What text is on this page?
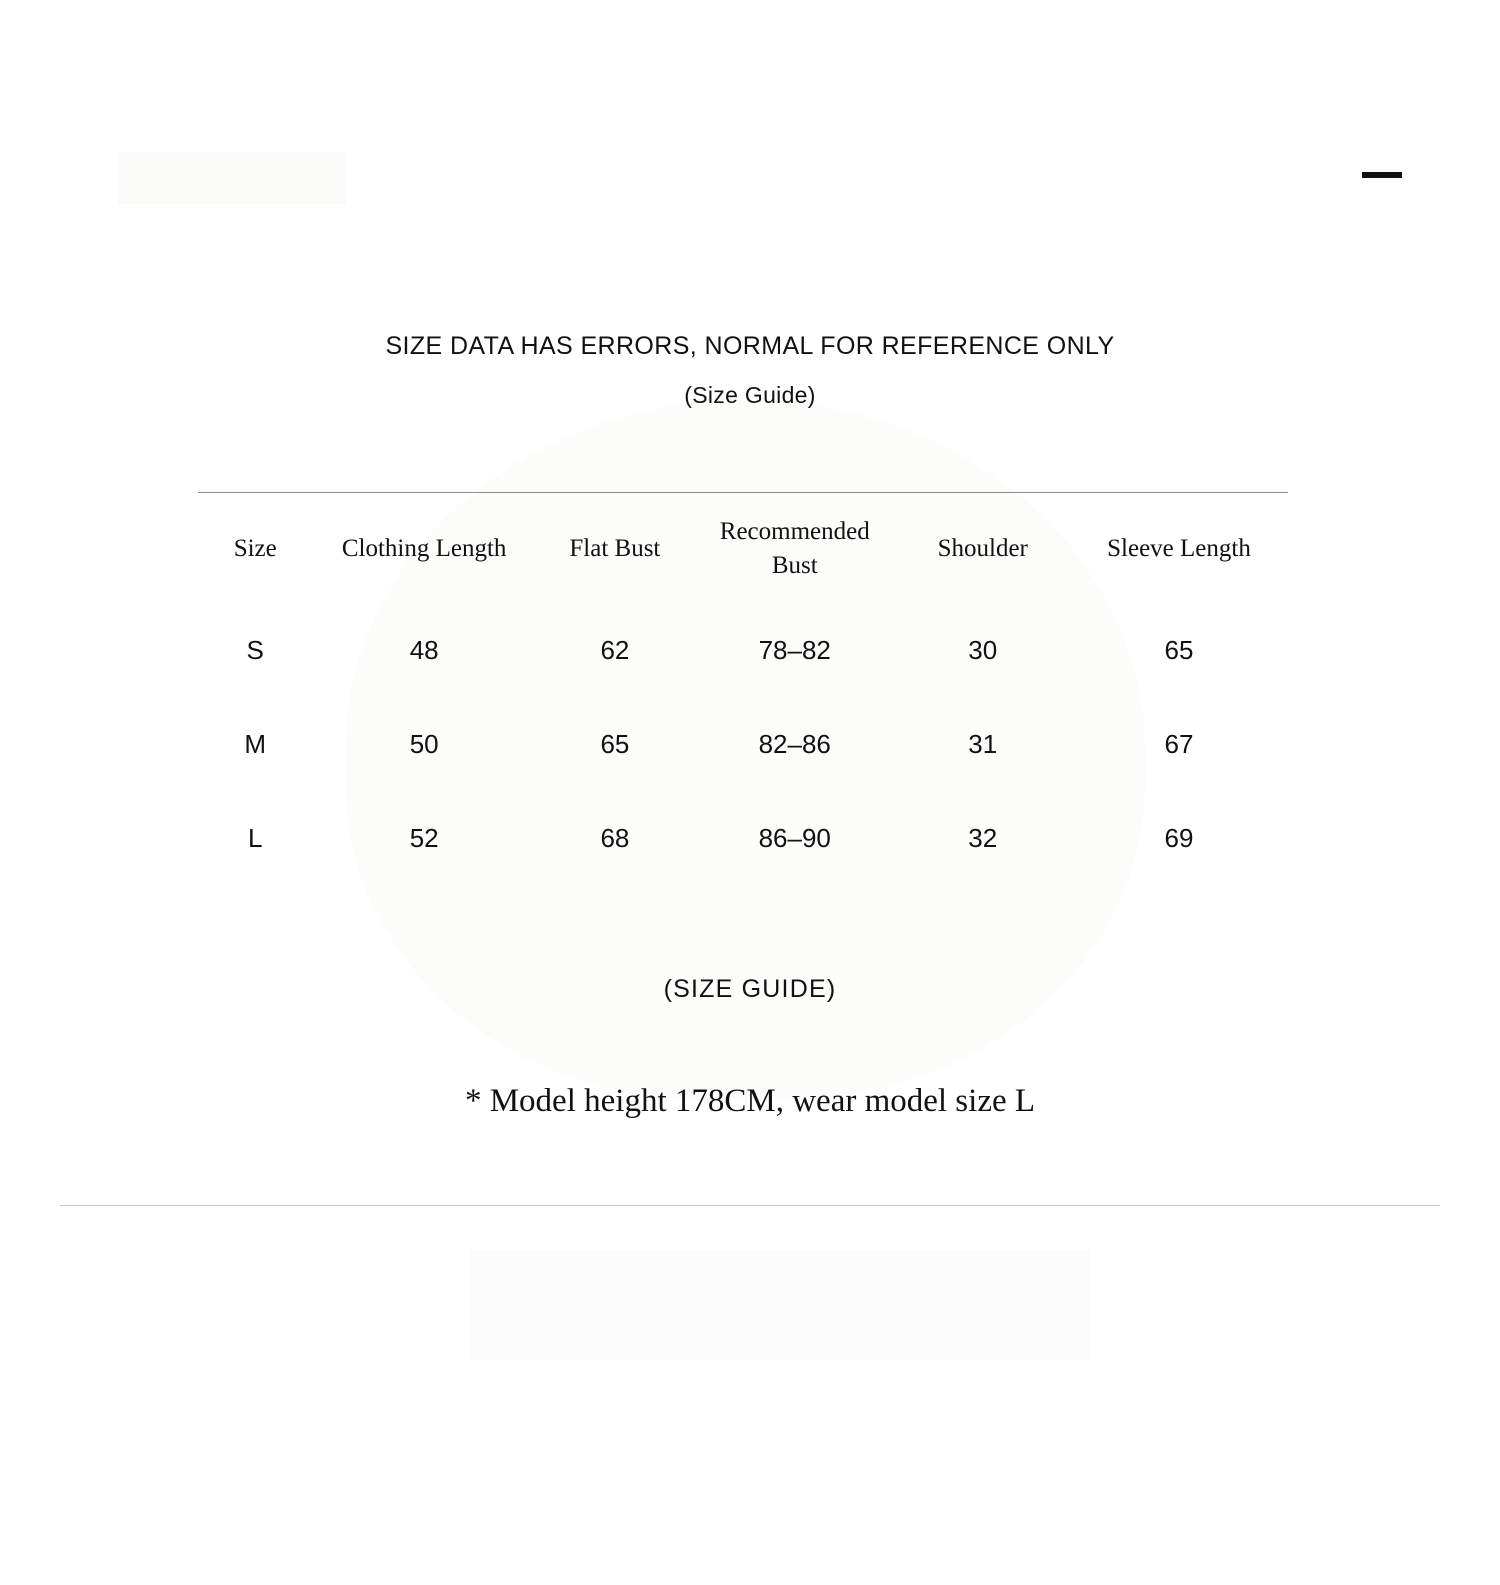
SIZE DATA HAS ERRORS, NORMAL FOR REFERENCE ONLY
(Size Guide)
Size	Clothing Length	Flat Bust	Recommended Bust	Shoulder	Sleeve Length
S	48	62	78–82	30	65
M	50	65	82–86	31	67
L	52	68	86–90	32	69
(SIZE GUIDE)
* Model height 178CM, wear model size L
